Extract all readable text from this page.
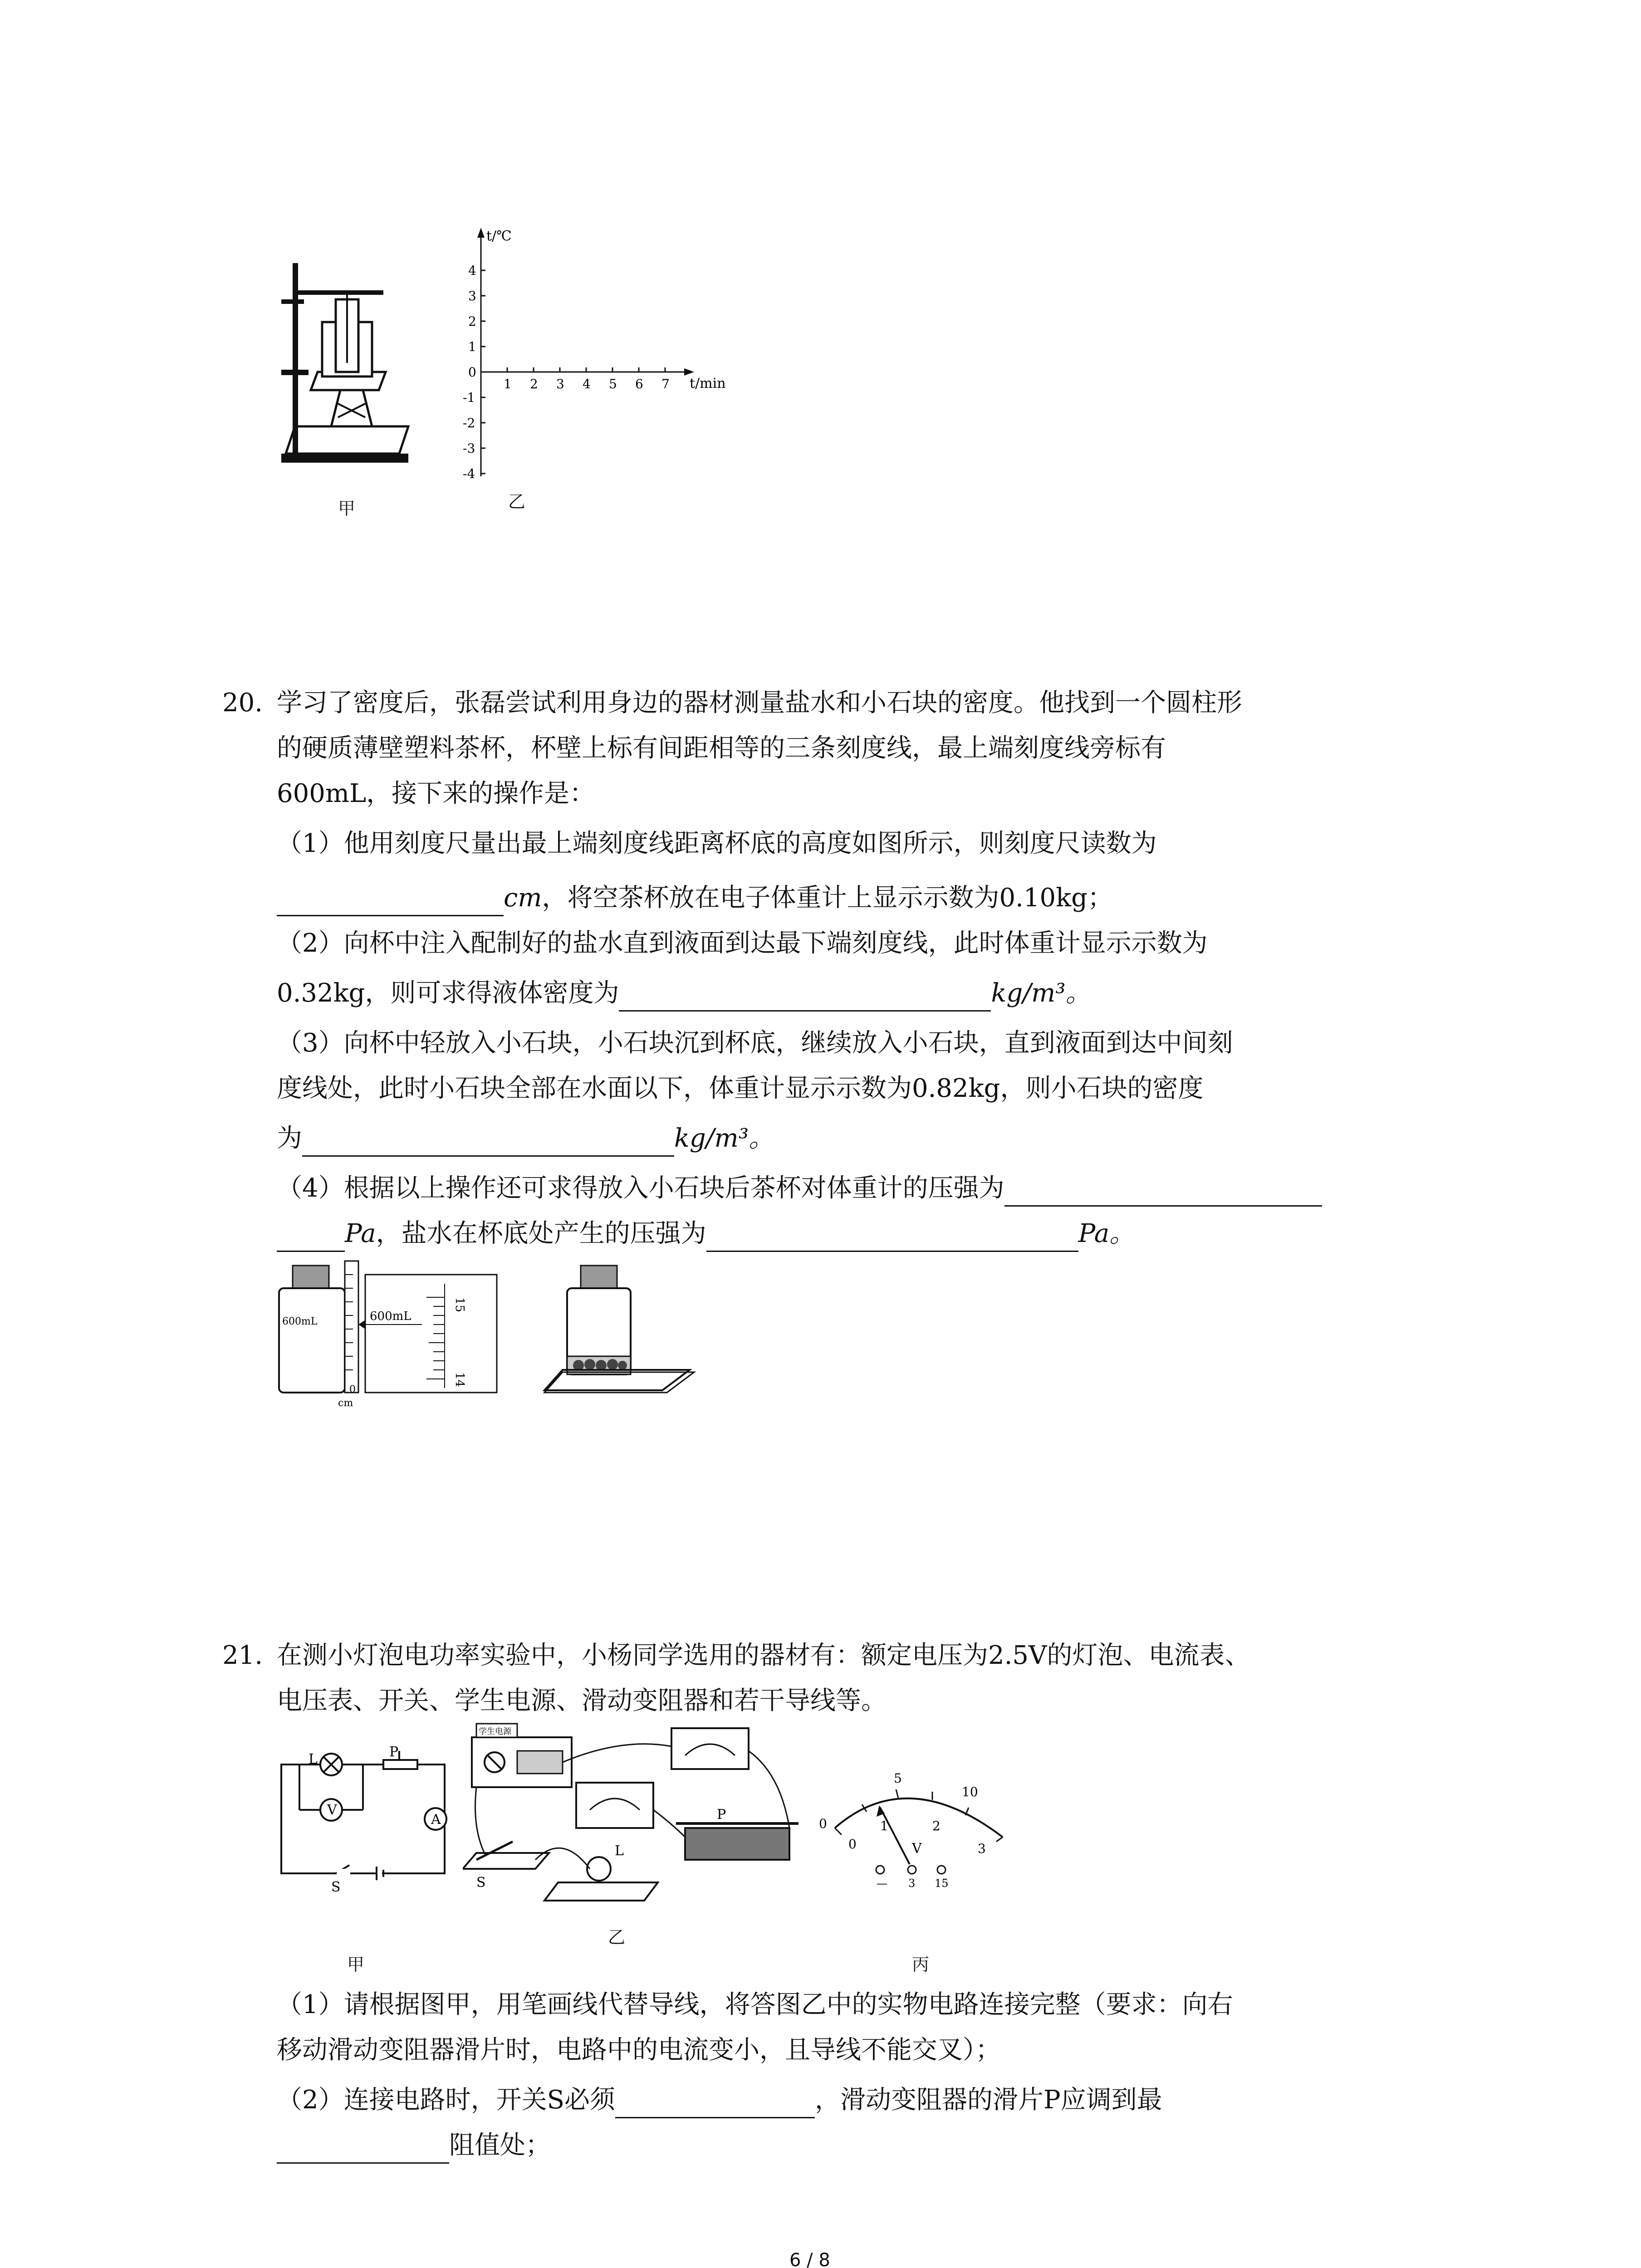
甲
t/℃
t/min
4
3
2
1
0
-1
-2
-3
-4
1 2 3 4 5 6 7
乙
20. 学习了密度后，张磊尝试利用身边的器材测量盐水和小石块的密度。他找到一个圆柱形
的硬质薄壁塑料茶杯，杯壁上标有间距相等的三条刻度线，最上端刻度线旁标有
600mL，接下来的操作是：
（1）他用刻度尺量出最上端刻度线距离杯底的高度如图所示，则刻度尺读数为
cm，将空茶杯放在电子体重计上显示示数为0.10kg；
（2）向杯中注入配制好的盐水直到液面到达最下端刻度线，此时体重计显示示数为
0.32kg，则可求得液体密度为	kg/m³。
（3）向杯中轻放入小石块，小石块沉到杯底，继续放入小石块，直到液面到达中间刻
度线处，此时小石块全部在水面以下，体重计显示示数为0.82kg，则小石块的密度
为	kg/m³。
（4）根据以上操作还可求得放入小石块后茶杯对体重计的压强为
Pa，盐水在杯底处产生的压强为	Pa。
600mL
0
cm
600mL
15
14
21. 在测小灯泡电功率实验中，小杨同学选用的器材有：额定电压为2.5V的灯泡、电流表、
电压表、开关、学生电源、滑动变阻器和若干导线等。
L	P
V
A
S
甲
学生电源
P
S
L
乙
0
5
10
0
1	2
3
V
— 3 15
丙
（1）请根据图甲，用笔画线代替导线，将答图乙中的实物电路连接完整（要求：向右
移动滑动变阻器滑片时，电路中的电流变小，且导线不能交叉）；
（2）连接电路时，开关S必须	，滑动变阻器的滑片P应调到最
阻值处；
6 / 8
